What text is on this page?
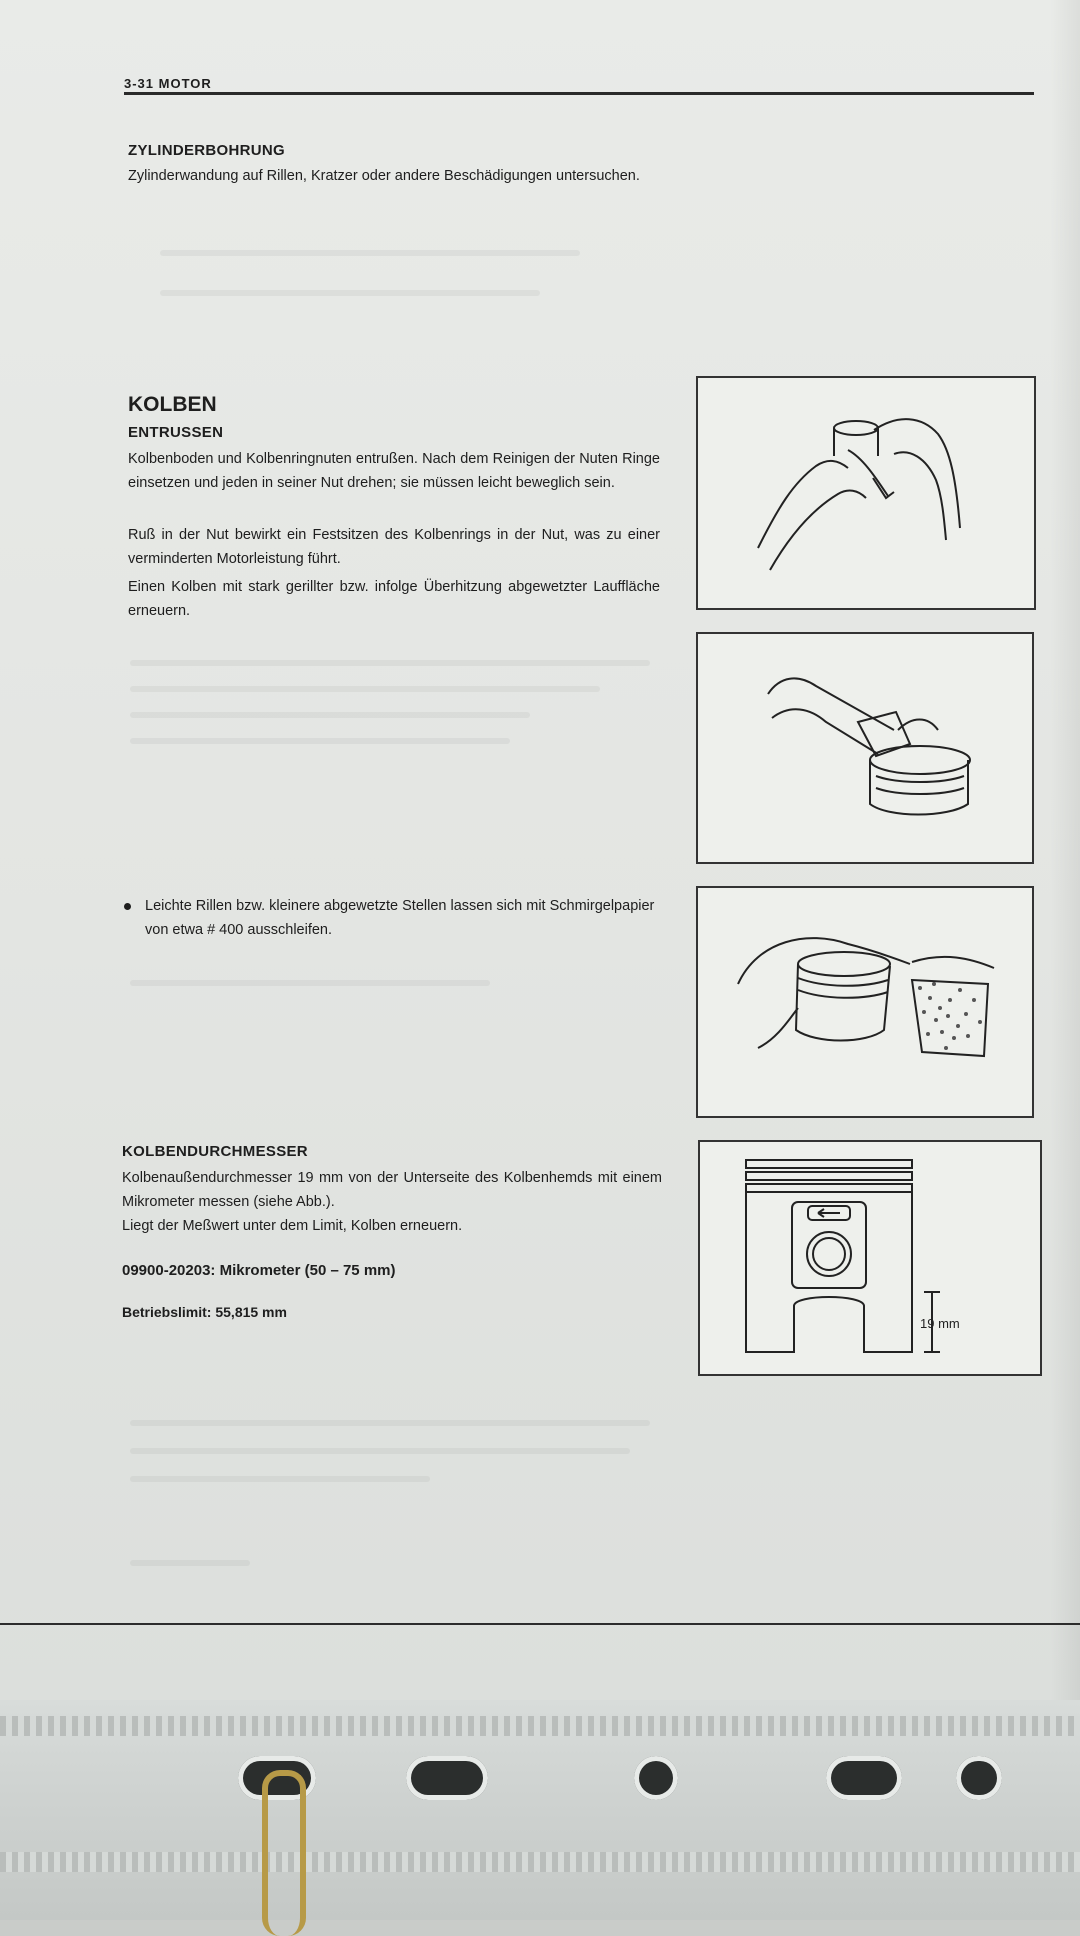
3-31 MOTOR
ZYLINDERBOHRUNG

Zylinderwandung auf Rillen, Kratzer oder andere Beschädigungen untersuchen.

KOLBEN
ENTRUSSEN

Kolbenboden und Kolbenringnuten entrußen. Nach dem Reinigen der Nuten Ringe einsetzen und jeden in seiner Nut drehen; sie müssen leicht beweglich sein.

Ruß in der Nut bewirkt ein Festsitzen des Kolbenrings in der Nut, was zu einer verminderten Motorleistung führt.

Einen Kolben mit stark gerillter bzw. infolge Überhitzung abgewetzter Lauffläche erneuern.

Leichte Rillen bzw. kleinere abgewetzte Stellen lassen sich mit Schmirgelpapier von etwa # 400 ausschleifen.
19 mm
KOLBENDURCHMESSER

Kolbenaußendurchmesser 19 mm von der Unterseite des Kolbenhemds mit einem Mikrometer messen (siehe Abb.).
Liegt der Meßwert unter dem Limit, Kolben erneuern.

09900-20203: Mikrometer (50 – 75 mm)
Betriebslimit: 55,815 mm
